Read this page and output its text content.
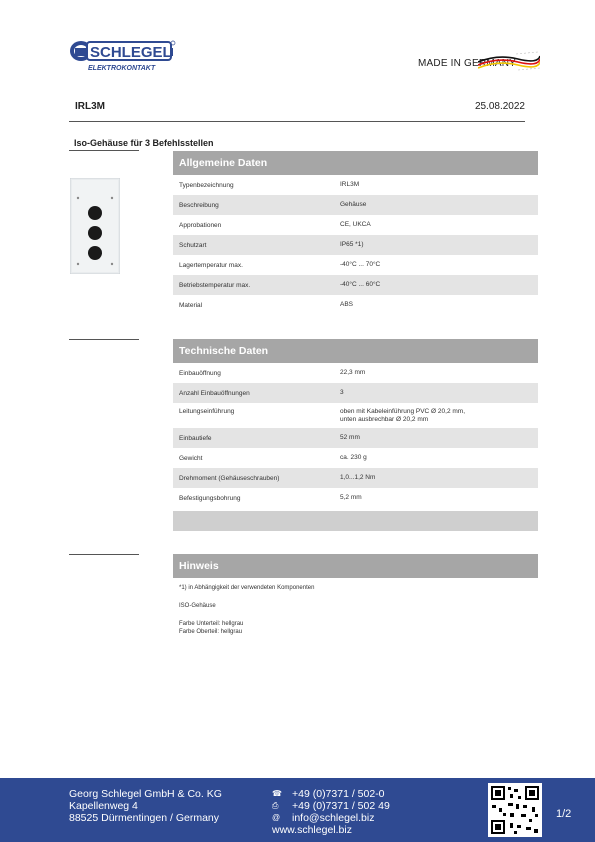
SCHLEGEL
ELEKTROKONTAKT	MADE IN GERMANY
IRL3M	25.08.2022
Iso-Gehäuse für 3 Befehlsstellen
Allgemeine Daten
Typenbezeichnung	IRL3M
Beschreibung	Gehäuse
Approbationen	CE, UKCA
Schutzart	IP65 *1)
Lagertemperatur max.	-40°C ... 70°C
Betriebstemperatur max.	-40°C ... 60°C
Material	ABS
Technische Daten
Einbauöffnung	22,3 mm
Anzahl Einbauöffnungen	3
Leitungseinführung	oben mit Kabeleinführung PVC Ø 20,2 mm,
unten ausbrechbar Ø 20,2 mm
Einbautiefe	52 mm
Gewicht	ca. 230 g
Drehmoment (Gehäuseschrauben)	1,0...1,2 Nm
Befestigungsbohrung	5,2 mm
Hinweis
*1) in Abhängigkeit der verwendeten Komponenten
ISO-Gehäuse
Farbe Unterteil: hellgrau
Farbe Oberteil: hellgrau
Georg Schlegel GmbH & Co. KG
Kapellenweg 4
88525 Dürmentingen / Germany
☎ +49 (0)7371 / 502-0
⎙	+49 (0)7371 / 502 49
@	info@schlegel.biz
www.schlegel.biz
1/2
